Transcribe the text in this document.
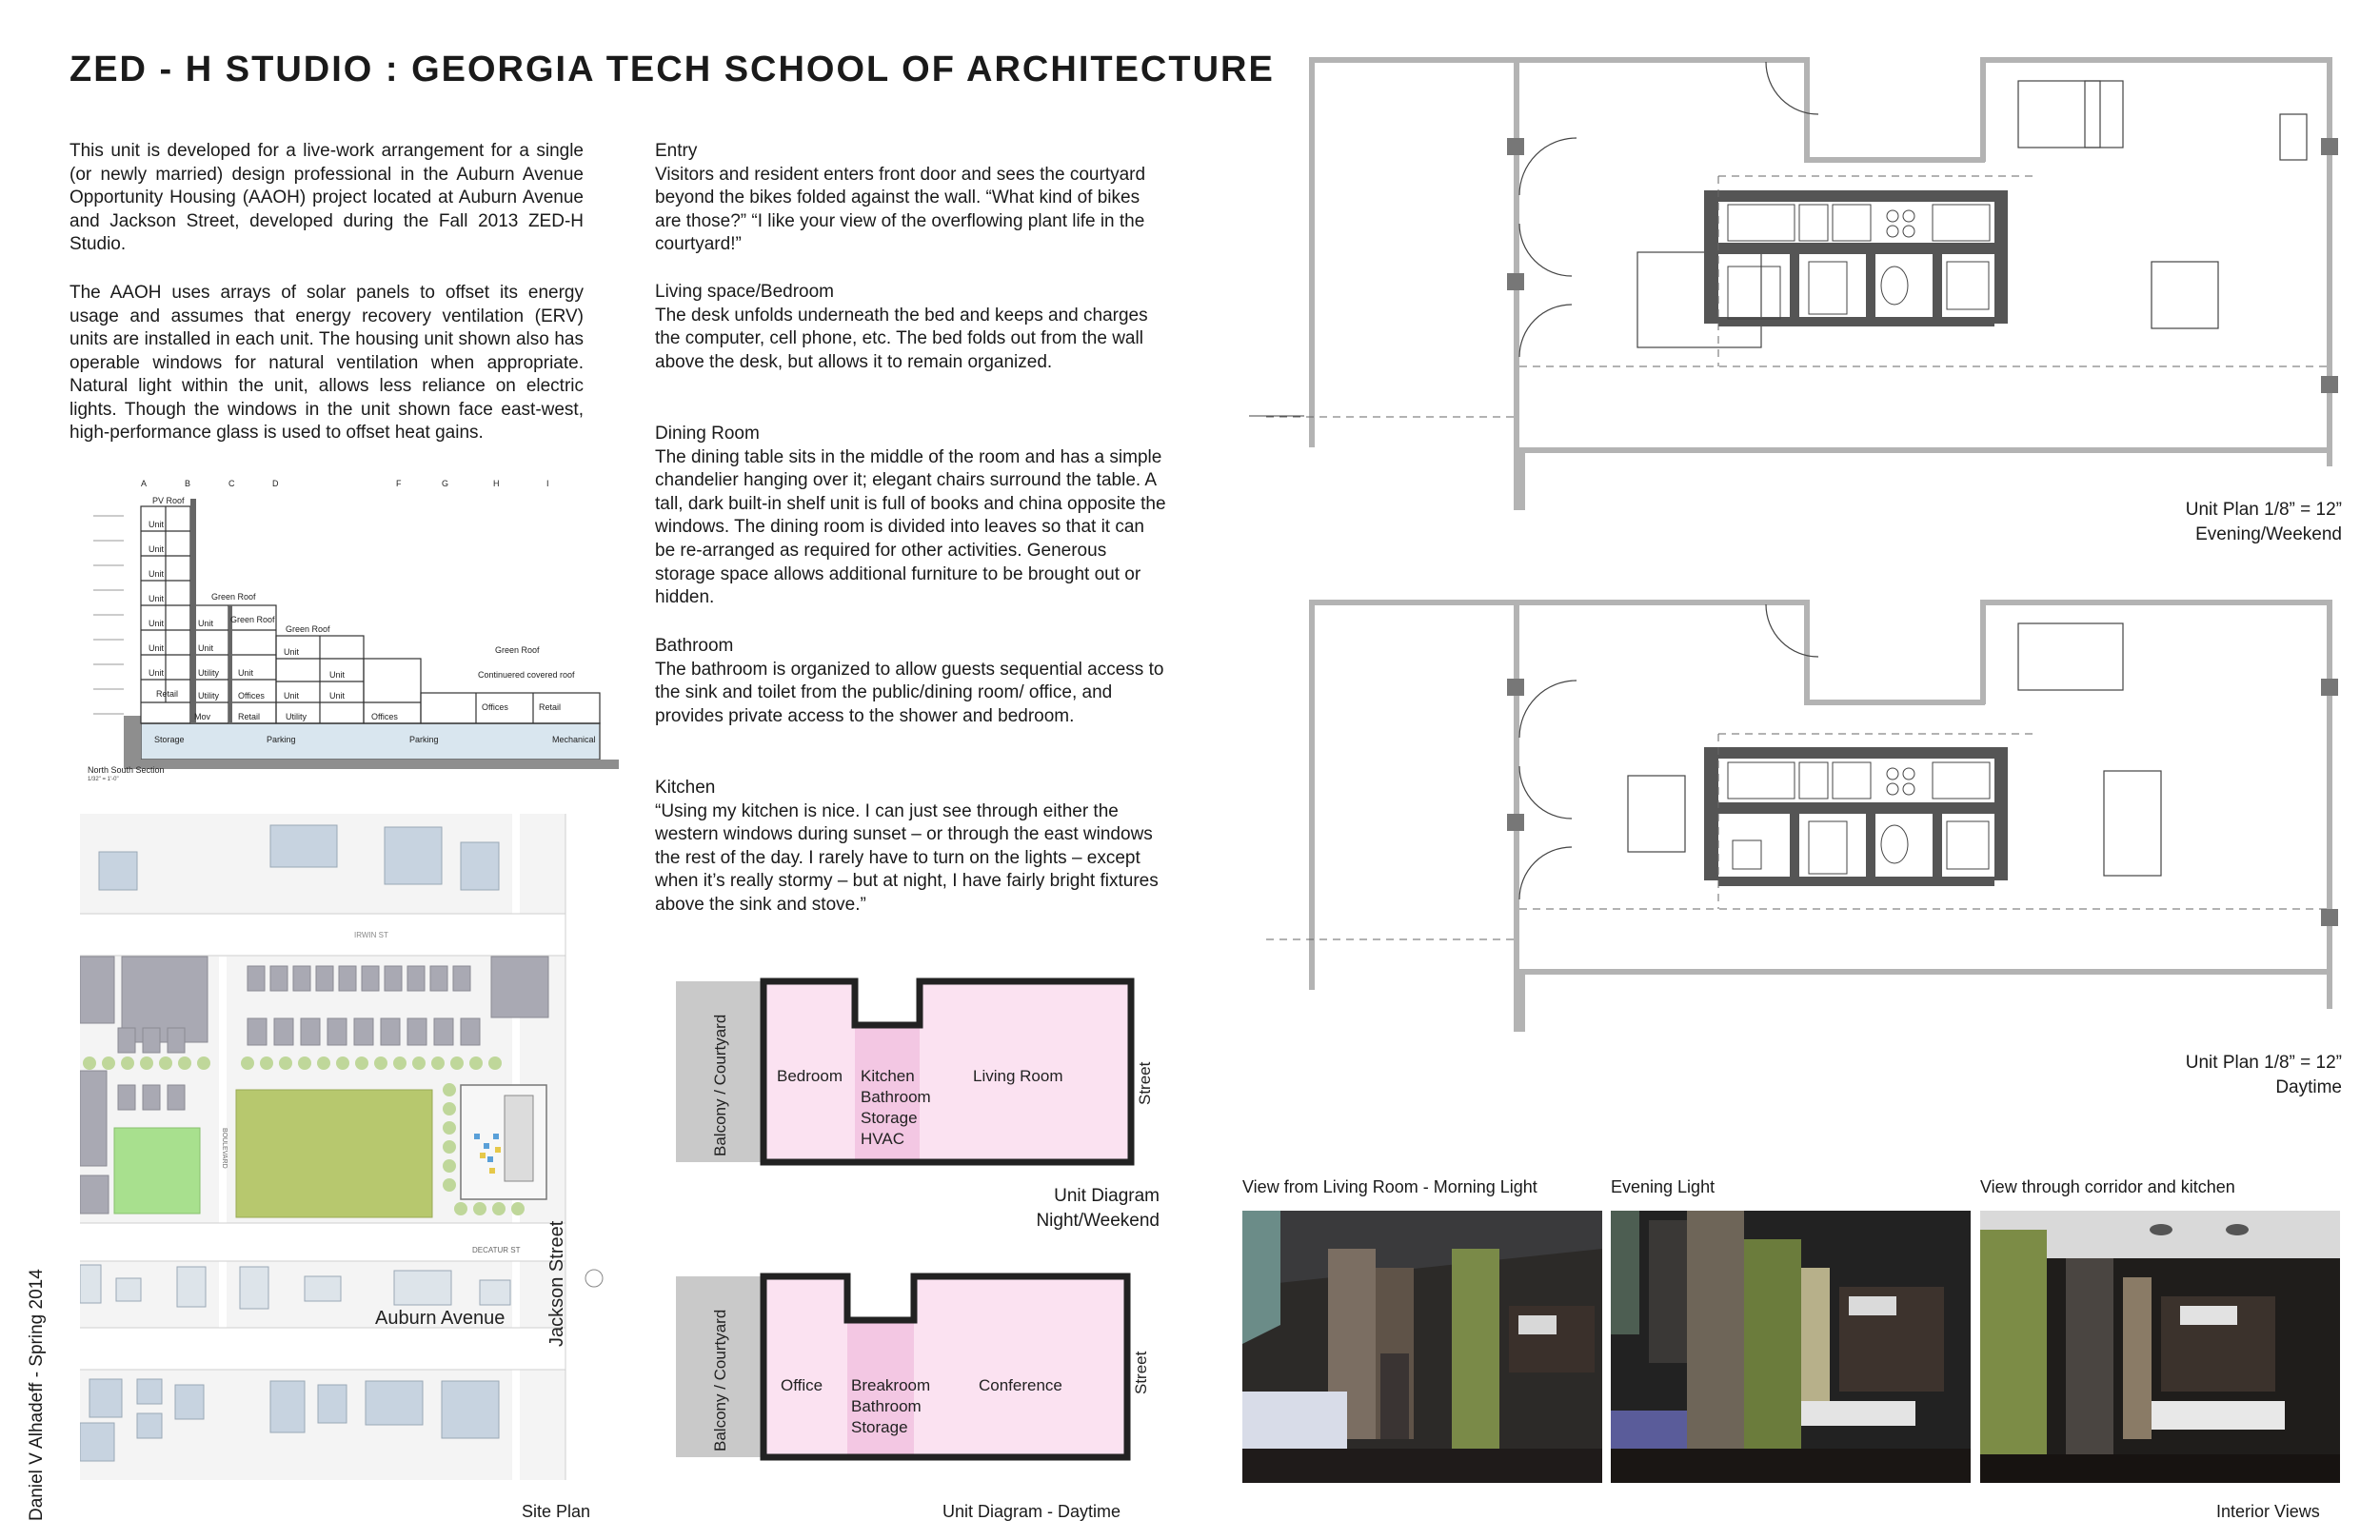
ZED - H STUDIO : GEORGIA TECH SCHOOL OF ARCHITECTURE
This unit is developed for a live-work arrangement for a single (or newly married) design professional in the Auburn Avenue Opportunity Housing (AAOH) project located at Auburn Avenue and Jackson Street, developed during the Fall 2013 ZED-H Studio.
The AAOH uses arrays of solar panels to offset its energy usage and assumes that energy recovery ventilation (ERV) units are installed in each unit. The housing unit shown also has operable windows for natural ventilation when appropriate. Natural light within the unit, allows less reliance on electric lights. Though the windows in the unit shown face east-west, high-performance glass is used to offset heat gains.
Entry
Visitors and resident enters front door and sees the courtyard beyond the bikes folded against the wall. “What kind of bikes are those?” “I like your view of the overflowing plant life in the courtyard!”
Living space/Bedroom
The desk unfolds underneath the bed and keeps and charges the computer, cell phone, etc. The bed folds out from the wall above the desk, but allows it to remain organized.
Dining Room
The dining table sits in the middle of the room and has a simple chandelier hanging over it; elegant chairs surround the table. A tall, dark built-in shelf unit is full of books and china opposite the windows. The dining room is divided into leaves so that it can be re-arranged as required for other activities. Generous storage space allows additional furniture to be brought out or hidden.
Bathroom
The bathroom is organized to allow guests sequential access to the sink and toilet from the public/dining room/ office, and provides private access to the shower and bedroom.
Kitchen
“Using my kitchen is nice. I can just see through either the western windows during sunset – or through the east windows the rest of the day. I rarely have to turn on the lights – except when it’s really stormy – but at night, I have fairly bright fixtures above the sink and stove.”
A	B	C	D	F	G	H	I
PV Roof
Unit
Unit
Unit
Unit	Green Roof
Unit	Green Roof
Unit
Unit
Unit
Green Roof
Unit	Utility Unit
Unit
Unit
Green Roof
Unit
Continuered covered roof
Retail Utility Offices
Utility
Unit
Offices	Retail
Mov	Retail	Offices
Storage	Parking	Parking	Mechanical
North South Section
1/32" = 1'-0"
IRWIN ST
BOULEVARD
DECATUR ST
Auburn Avenue Jackson Street
Site Plan
Daniel V Alhadeff - Spring 2014
Balcony / Courtyard	Bedroom Kitchen
Bathroom
Storage
HVAC
Living Room	Street
Unit Diagram
Night/Weekend
Balcony / Courtyard	Office Breakroom
Bathroom
Storage
Conference	Street
Unit Diagram - Daytime
Unit Plan 1/8” = 12”
Evening/Weekend
Unit Plan 1/8” = 12”
Daytime
View from Living Room - Morning Light	Evening Light	View through corridor and kitchen
Interior Views
